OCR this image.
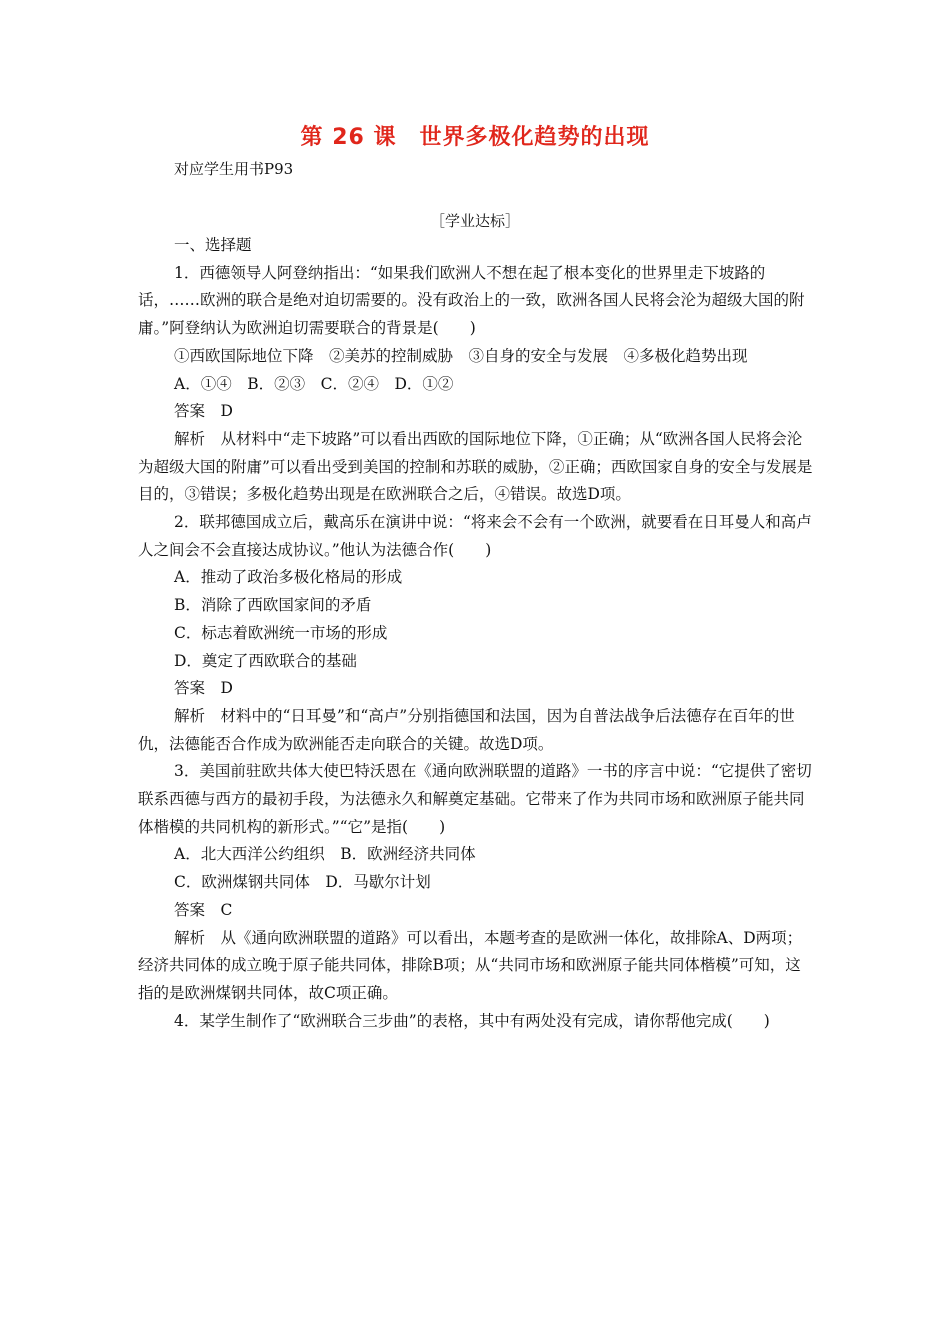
第 26 课　世界多极化趋势的出现
对应学生用书P93
［学业达标］

一、选择题

1．西德领导人阿登纳指出：“如果我们欧洲人不想在起了根本变化的世界里走下坡路的话，……欧洲的联合是绝对迫切需要的。没有政治上的一致，欧洲各国人民将会沦为超级大国的附庸。”阿登纳认为欧洲迫切需要联合的背景是(　　)

①西欧国际地位下降　②美苏的控制威胁　③自身的安全与发展　④多极化趋势出现

A．①④　B．②③　C．②④　D．①②

答案　D

解析　从材料中“走下坡路”可以看出西欧的国际地位下降，①正确；从“欧洲各国人民将会沦为超级大国的附庸”可以看出受到美国的控制和苏联的威胁，②正确；西欧国家自身的安全与发展是目的，③错误；多极化趋势出现是在欧洲联合之后，④错误。故选D项。

2．联邦德国成立后，戴高乐在演讲中说：“将来会不会有一个欧洲，就要看在日耳曼人和高卢人之间会不会直接达成协议。”他认为法德合作(　　)

A．推动了政治多极化格局的形成

B．消除了西欧国家间的矛盾

C．标志着欧洲统一市场的形成

D．奠定了西欧联合的基础

答案　D

解析　材料中的“日耳曼”和“高卢”分别指德国和法国，因为自普法战争后法德存在百年的世仇，法德能否合作成为欧洲能否走向联合的关键。故选D项。

3．美国前驻欧共体大使巴特沃恩在《通向欧洲联盟的道路》一书的序言中说：“它提供了密切联系西德与西方的最初手段，为法德永久和解奠定基础。它带来了作为共同市场和欧洲原子能共同体楷模的共同机构的新形式。”“它”是指(　　)

A．北大西洋公约组织　B．欧洲经济共同体

C．欧洲煤钢共同体　D．马歇尔计划

答案　C

解析　从《通向欧洲联盟的道路》可以看出，本题考查的是欧洲一体化，故排除A、D两项；经济共同体的成立晚于原子能共同体，排除B项；从“共同市场和欧洲原子能共同体楷模”可知，这指的是欧洲煤钢共同体，故C项正确。

4．某学生制作了“欧洲联合三步曲”的表格，其中有两处没有完成，请你帮他完成(　　)
